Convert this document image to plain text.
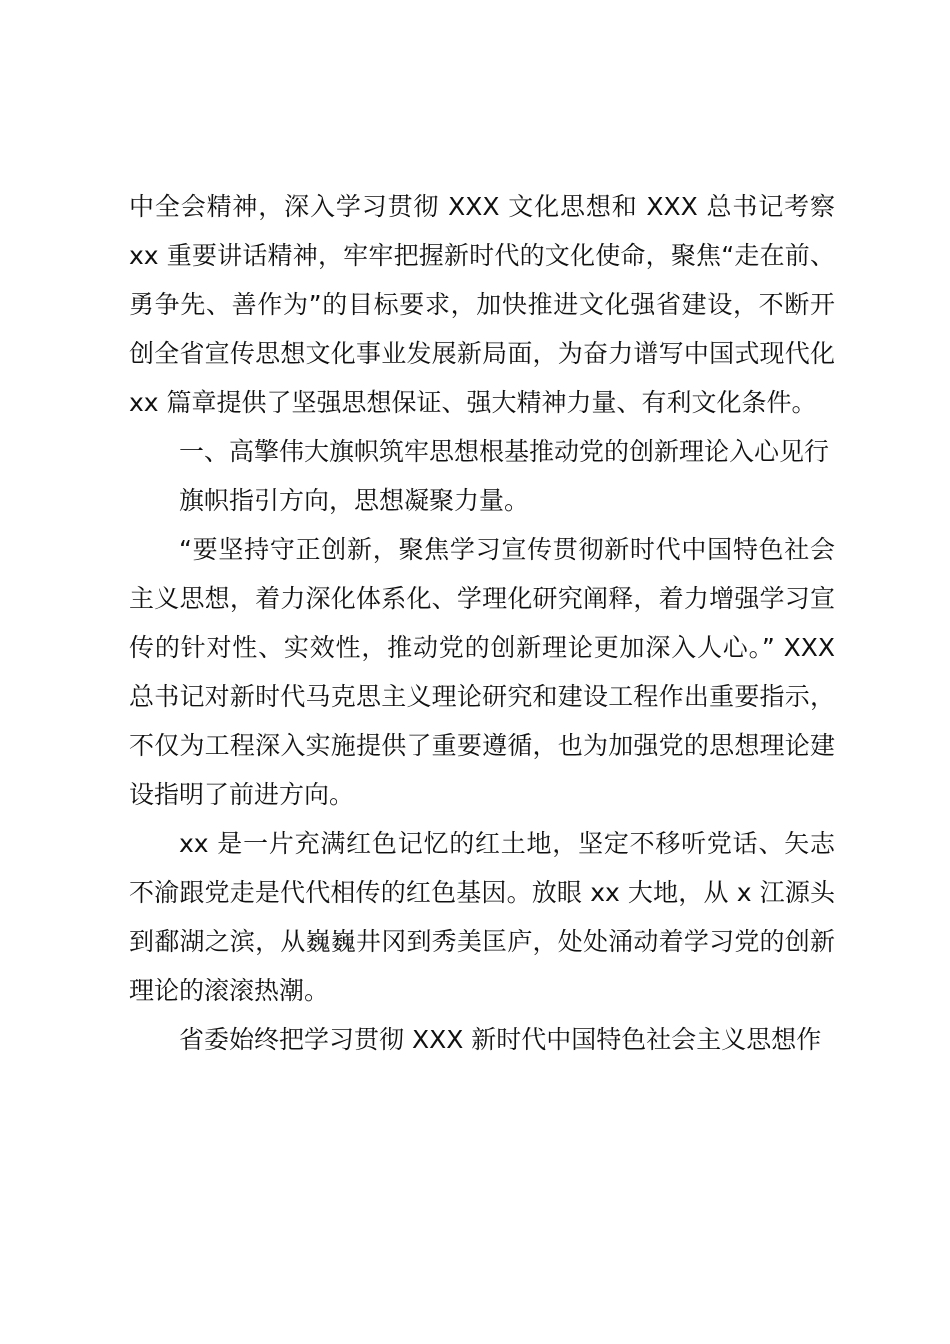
中全会精神，深入学习贯彻 XXX 文化思想和 XXX 总书记考察 xx 重要讲话精神，牢牢把握新时代的文化使命，聚焦“走在前、勇争先、善作为”的目标要求，加快推进文化强省建设，不断开创全省宣传思想文化事业发展新局面，为奋力谱写中国式现代化 xx 篇章提供了坚强思想保证、强大精神力量、有利文化条件。

一、高擎伟大旗帜筑牢思想根基推动党的创新理论入心见行

旗帜指引方向，思想凝聚力量。

“要坚持守正创新，聚焦学习宣传贯彻新时代中国特色社会主义思想，着力深化体系化、学理化研究阐释，着力增强学习宣传的针对性、实效性，推动党的创新理论更加深入人心。” XXX 总书记对新时代马克思主义理论研究和建设工程作出重要指示，不仅为工程深入实施提供了重要遵循，也为加强党的思想理论建设指明了前进方向。

xx 是一片充满红色记忆的红土地，坚定不移听党话、矢志不渝跟党走是代代相传的红色基因。放眼 xx 大地，从 x 江源头到鄱湖之滨，从巍巍井冈到秀美匡庐，处处涌动着学习党的创新理论的滚滚热潮。

省委始终把学习贯彻 XXX 新时代中国特色社会主义思想作
